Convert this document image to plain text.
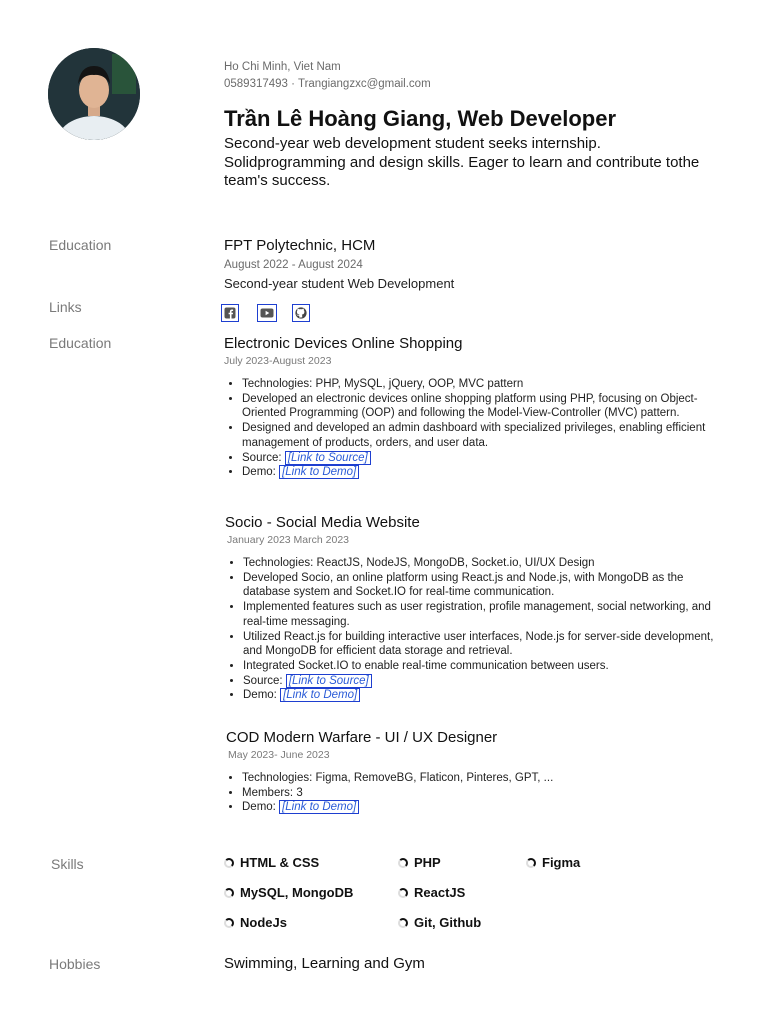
Ho Chi Minh, Viet Nam
0589317493 · Trangiangzxc@gmail.com
Trần Lê Hoàng Giang, Web Developer
Second-year web development student seeks internship. Solidprogramming and design skills. Eager to learn and contribute tothe team's success.
Education	FPT Polytechnic, HCM
August 2022 - August 2024
Second-year student Web Development
Links
Education	Electronic Devices Online Shopping
July 2023-August 2023
• Technologies: PHP, MySQL, jQuery, OOP, MVC pattern
• Developed an electronic devices online shopping platform using PHP, focusing on Object-Oriented Programming (OOP) and following the Model-View-Controller (MVC) pattern.
• Designed and developed an admin dashboard with specialized privileges, enabling efficient management of products, orders, and user data.
• Source: [Link to Source]
• Demo: [Link to Demo]
Socio - Social Media Website
January 2023 March 2023
• Technologies: ReactJS, NodeJS, MongoDB, Socket.io, UI/UX Design
• Developed Socio, an online platform using React.js and Node.js, with MongoDB as the database system and Socket.IO for real-time communication.
• Implemented features such as user registration, profile management, social networking, and real-time messaging.
• Utilized React.js for building interactive user interfaces, Node.js for server-side development, and MongoDB for efficient data storage and retrieval.
• Integrated Socket.IO to enable real-time communication between users.
• Source: [Link to Source]
• Demo: [Link to Demo]
COD Modern Warfare - UI / UX Designer
May 2023- June 2023
• Technologies: Figma, RemoveBG, Flaticon, Pinteres, GPT, ...
• Members: 3
• Demo: [Link to Demo]
Skills	HTML & CSS	PHP	Figma
MySQL, MongoDB	ReactJS
NodeJs	Git, Github
Hobbies	Swimming, Learning and Gym
